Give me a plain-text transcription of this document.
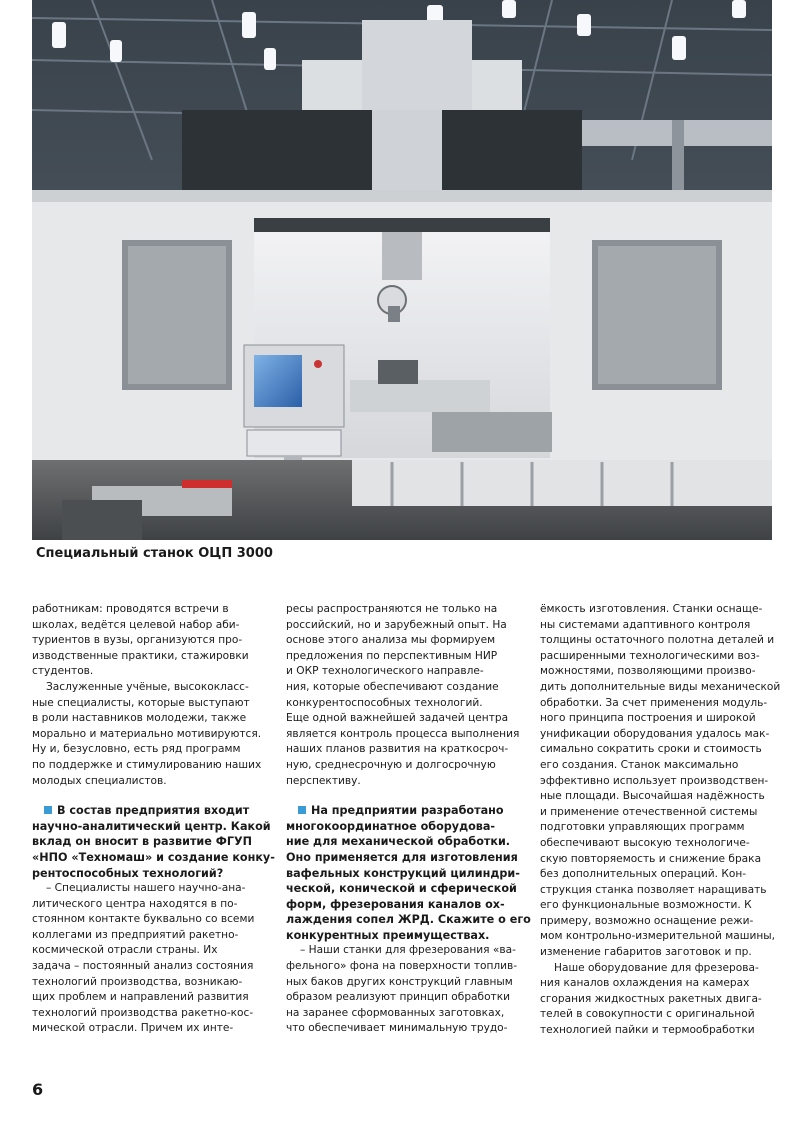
Специальный станок ОЦП 3000
работникам: проводятся встречи в
школах, ведётся целевой набор аби-
туриентов в вузы, организуются про-
изводственные практики, стажировки
студентов.
Заслуженные учёные, высококласс-
ные специалисты, которые выступают
в роли наставников молодежи, также
морально и материально мотивируются.
Ну и, безусловно, есть ряд программ
по поддержке и стимулированию наших
молодых специалистов.
В состав предприятия входит
научно-аналитический центр. Какой
вклад он вносит в развитие ФГУП
«НПО «Техномаш» и создание конку-
рентоспособных технологий?
– Специалисты нашего научно-ана-
литического центра находятся в по-
стоянном контакте буквально со всеми
коллегами из предприятий ракетно-
космической отрасли страны. Их
задача – постоянный анализ состояния
технологий производства, возникаю-
щих проблем и направлений развития
технологий производства ракетно-кос-
мической отрасли. Причем их инте-
ресы распространяются не только на
российский, но и зарубежный опыт. На
основе этого анализа мы формируем
предложения по перспективным НИР
и ОКР технологического направле-
ния, которые обеспечивают создание
конкурентоспособных технологий.
Еще одной важнейшей задачей центра
является контроль процесса выполнения
наших планов развития на краткосроч-
ную, среднесрочную и долгосрочную
перспективу.
На предприятии разработано
многокоординатное оборудова-
ние для механической обработки.
Оно применяется для изготовления
вафельных конструкций цилиндри-
ческой, конической и сферической
форм, фрезерования каналов ох-
лаждения сопел ЖРД. Скажите о его
конкурентных преимуществах.
– Наши станки для фрезерования «ва-
фельного» фона на поверхности топлив-
ных баков других конструкций главным
образом реализуют принцип обработки
на заранее сформованных заготовках,
что обеспечивает минимальную трудо-
ёмкость изготовления. Станки оснаще-
ны системами адаптивного контроля
толщины остаточного полотна деталей и
расширенными технологическими воз-
можностями, позволяющими произво-
дить дополнительные виды механической
обработки. За счет применения модуль-
ного принципа построения и широкой
унификации оборудования удалось мак-
симально сократить сроки и стоимость
его создания. Станок максимально
эффективно использует производствен-
ные площади. Высочайшая надёжность
и применение отечественной системы
подготовки управляющих программ
обеспечивают высокую технологиче-
скую повторяемость и снижение брака
без дополнительных операций. Кон-
струкция станка позволяет наращивать
его функциональные возможности. К
примеру, возможно оснащение режи-
мом контрольно-измерительной машины,
изменение габаритов заготовок и пр.
Наше оборудование для фрезерова-
ния каналов охлаждения на камерах
сгорания жидкостных ракетных двига-
телей в совокупности с оригинальной
технологией пайки и термообработки
6
